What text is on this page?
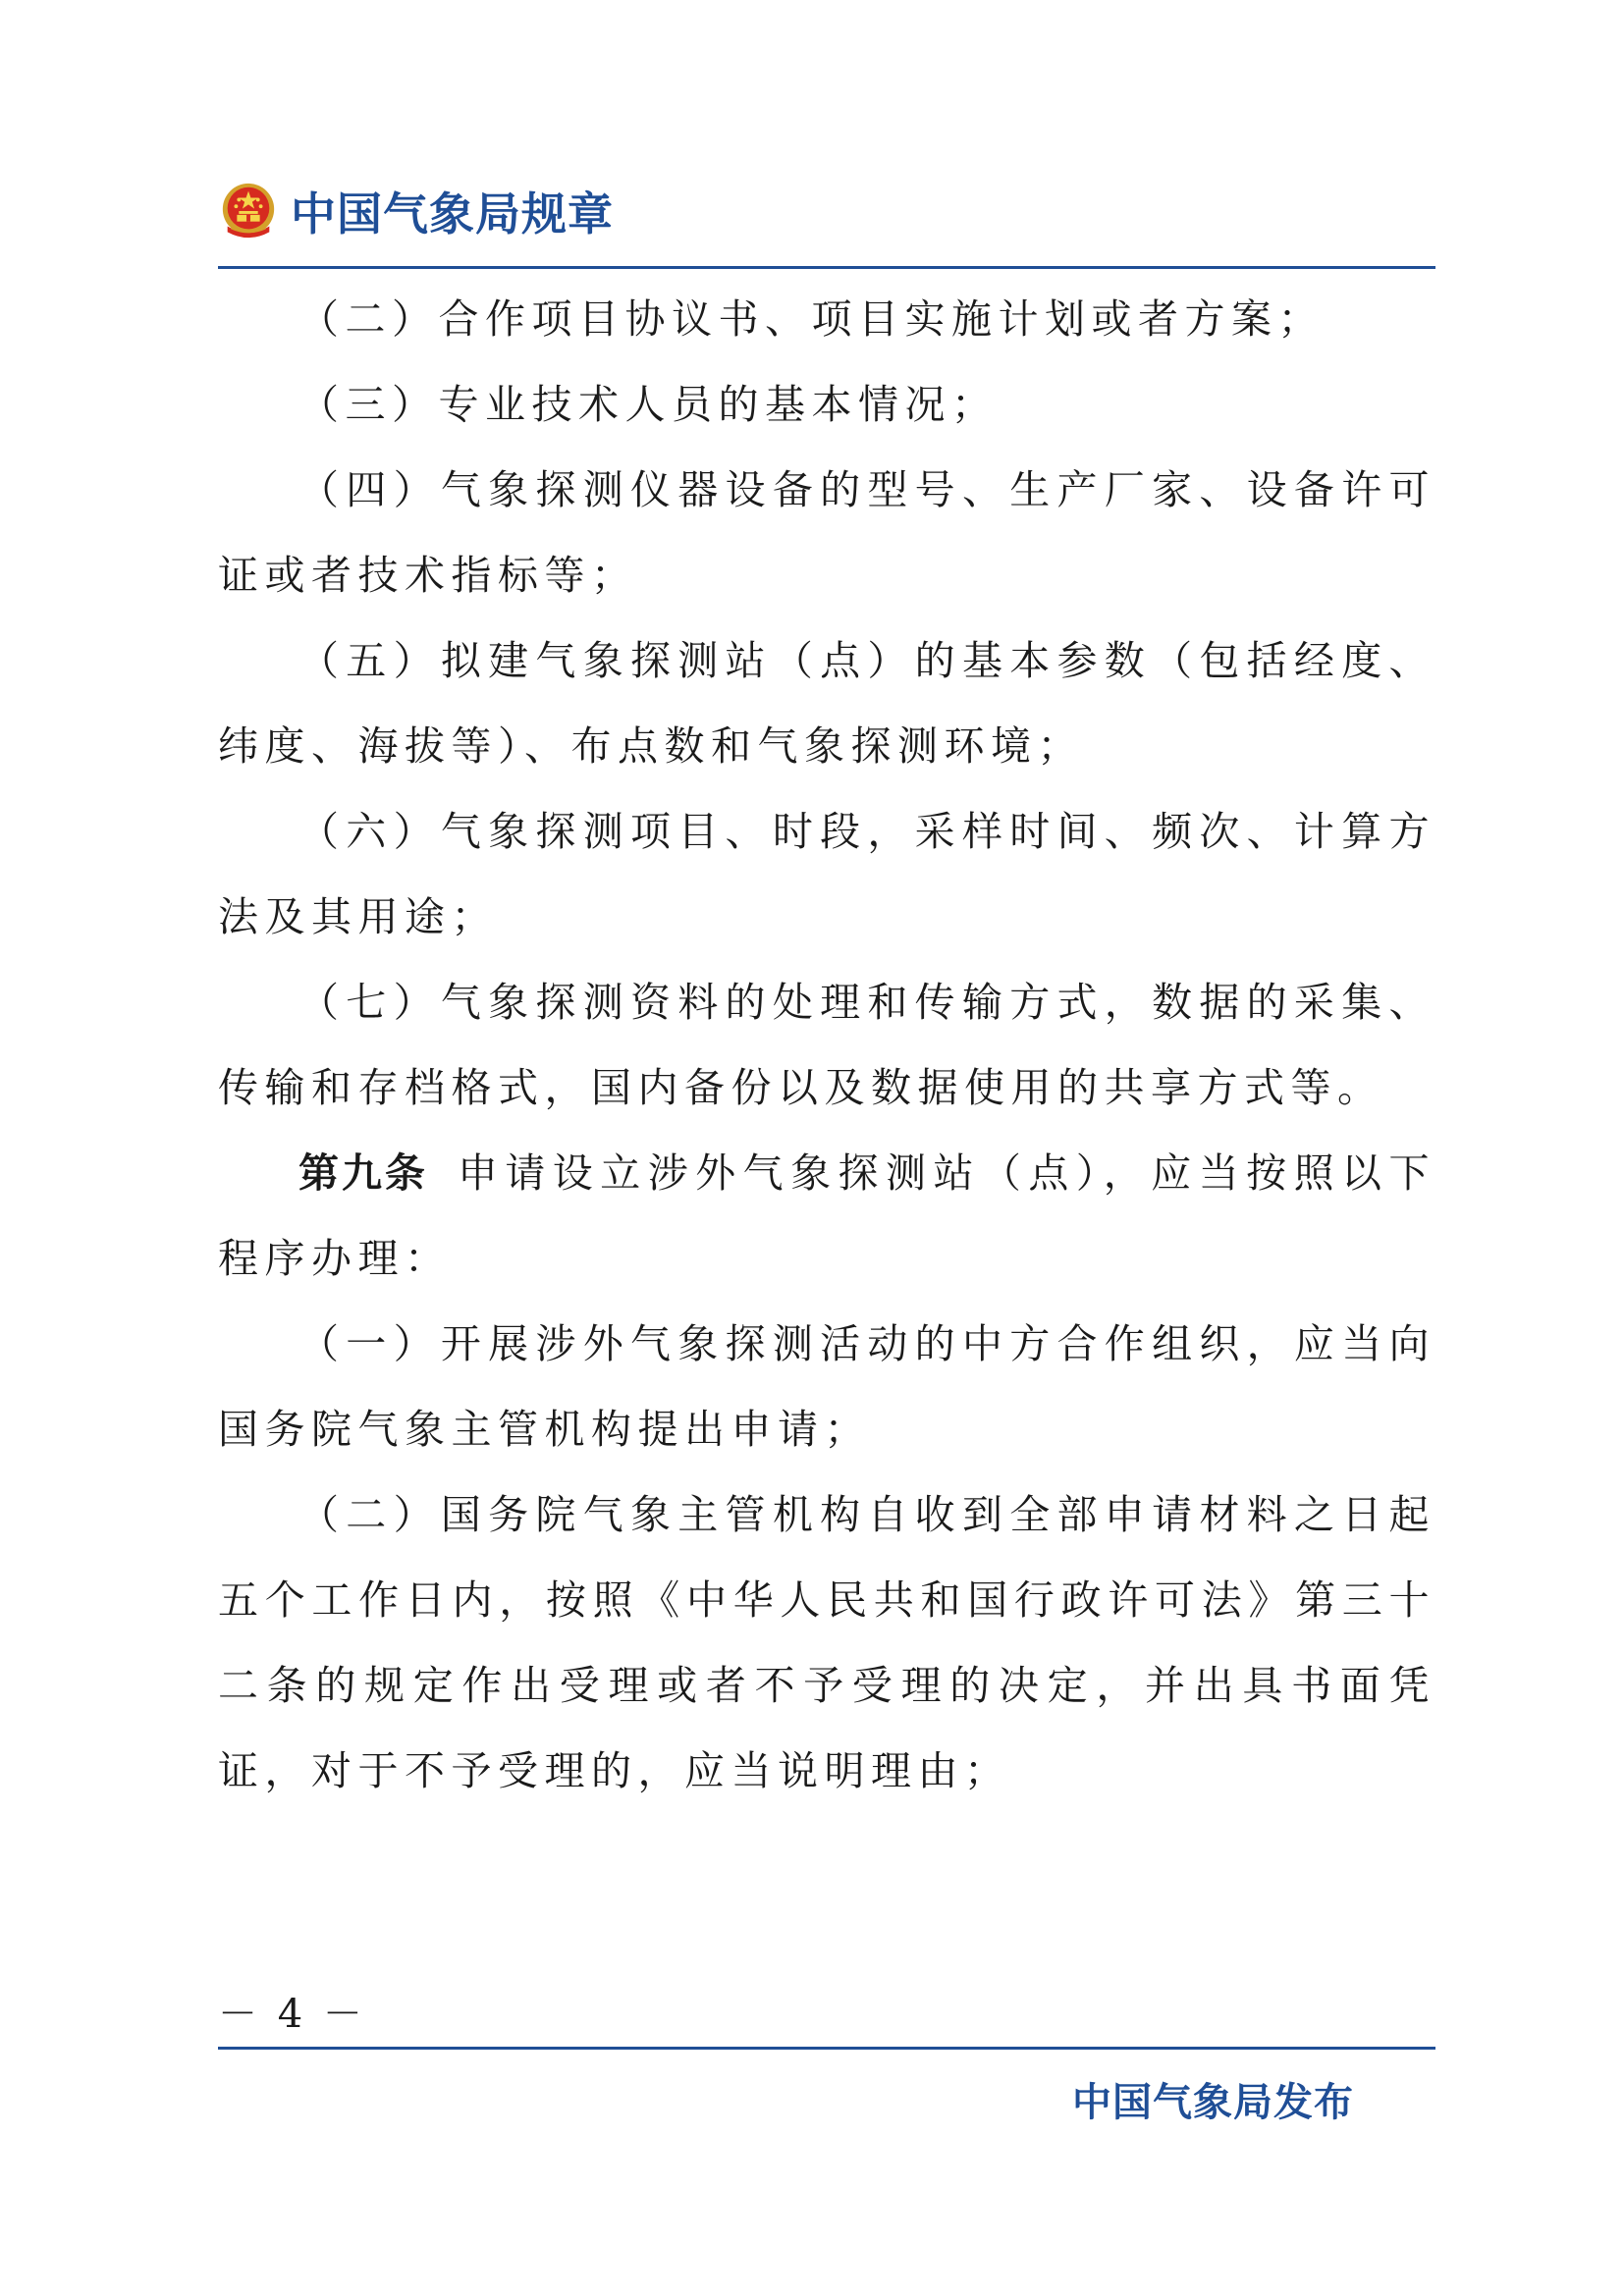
中国气象局规章

（二）合作项目协议书、项目实施计划或者方案；

（三）专业技术人员的基本情况；

（四）气象探测仪器设备的型号、生产厂家、设备许可证或者技术指标等；

（五）拟建气象探测站（点）的基本参数（包括经度、纬度、海拔等）、布点数和气象探测环境；

（六）气象探测项目、时段，采样时间、频次、计算方法及其用途；

（七）气象探测资料的处理和传输方式，数据的采集、传输和存档格式，国内备份以及数据使用的共享方式等。

第九条 申请设立涉外气象探测站（点），应当按照以下程序办理：

（一）开展涉外气象探测活动的中方合作组织，应当向国务院气象主管机构提出申请；

（二）国务院气象主管机构自收到全部申请材料之日起五个工作日内，按照《中华人民共和国行政许可法》第三十二条的规定作出受理或者不予受理的决定，并出具书面凭证，对于不予受理的，应当说明理由；

－ 4 －
中国气象局发布
